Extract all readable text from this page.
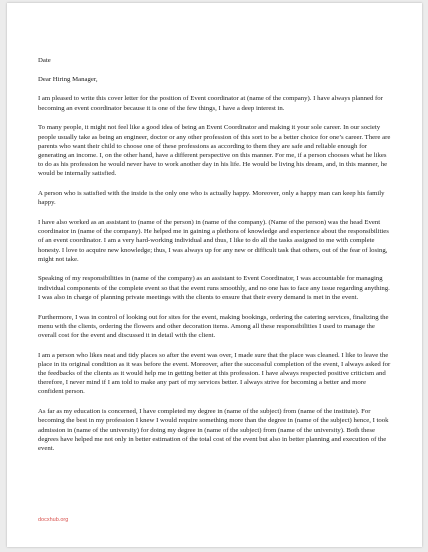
Date
Dear Hiring Manager,

I am pleased to write this cover letter for the position of Event coordinator at (name of the company). I have always planned for becoming an event coordinator because it is one of the few things, I have a deep interest in.

To many people, it might not feel like a good idea of being an Event Coordinator and making it your sole career. In our society people usually take as being an engineer, doctor or any other profession of this sort to be a better choice for one’s career. There are parents who want their child to choose one of these professions as according to them they are safe and reliable enough for generating an income. I, on the other hand, have a different perspective on this manner. For me, if a person chooses what he likes to do as his profession he would never have to work another day in his life. He would be living his dream, and, in this manner, he would be internally satisfied.

A person who is satisfied with the inside is the only one who is actually happy. Moreover, only a happy man can keep his family happy.

I have also worked as an assistant to (name of the person) in (name of the company). (Name of the person) was the head Event coordinator in (name of the company). He helped me in gaining a plethora of knowledge and experience about the responsibilities of an event coordinator. I am a very hard-working individual and thus, I like to do all the tasks assigned to me with complete honesty. I love to acquire new knowledge; thus, I was always up for any new or difficult task that others, out of the fear of losing, might not take.

Speaking of my responsibilities in (name of the company) as an assistant to Event Coordinator, I was accountable for managing individual components of the complete event so that the event runs smoothly, and no one has to face any issue regarding anything. I was also in charge of planning private meetings with the clients to ensure that their every demand is met in the event.

Furthermore, I was in control of looking out for sites for the event, making bookings, ordering the catering services, finalizing the menu with the clients, ordering the flowers and other decoration items. Among all these responsibilities I used to manage the overall cost for the event and discussed it in detail with the client.

I am a person who likes neat and tidy places so after the event was over, I made sure that the place was cleaned. I like to leave the place in its original condition as it was before the event. Moreover, after the successful completion of the event, I always asked for the feedbacks of the clients as it would help me in getting better at this profession. I have always respected positive criticism and therefore, I never mind if I am told to make any part of my services better. I always strive for becoming a better and more confident person.

As far as my education is concerned, I have completed my degree in (name of the subject) from (name of the institute). For becoming the best in my profession I knew I would require something more than the degree in (name of the subject) hence, I took admission in (name of the university) for doing my degree in (name of the subject) from (name of the university). Both these degrees have helped me not only in better estimation of the total cost of the event but also in better planning and execution of the event.

docxhub.org
